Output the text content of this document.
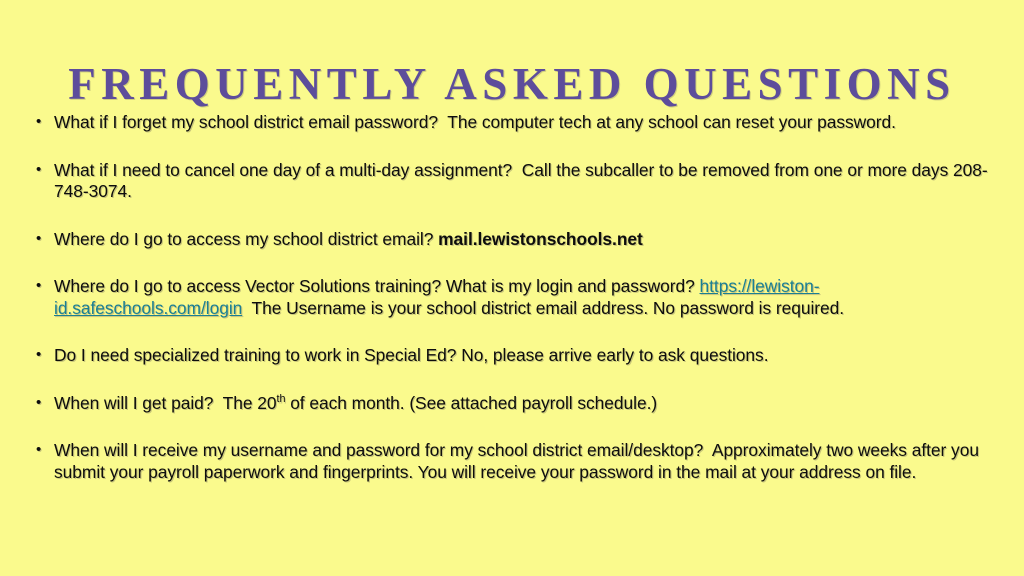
FREQUENTLY ASKED QUESTIONS
• What if I forget my school district email password? The computer tech at any school can reset your password.
• What if I need to cancel one day of a multi-day assignment? Call the subcaller to be removed from one or more days 208-748-3074.
• Where do I go to access my school district email? mail.lewistonschools.net
• Where do I go to access Vector Solutions training? What is my login and password? https://lewiston-id.safeschools.com/login The Username is your school district email address. No password is required.
• Do I need specialized training to work in Special Ed? No, please arrive early to ask questions.
• When will I get paid? The 20th of each month. (See attached payroll schedule.)
• When will I receive my username and password for my school district email/desktop? Approximately two weeks after you submit your payroll paperwork and fingerprints. You will receive your password in the mail at your address on file.
